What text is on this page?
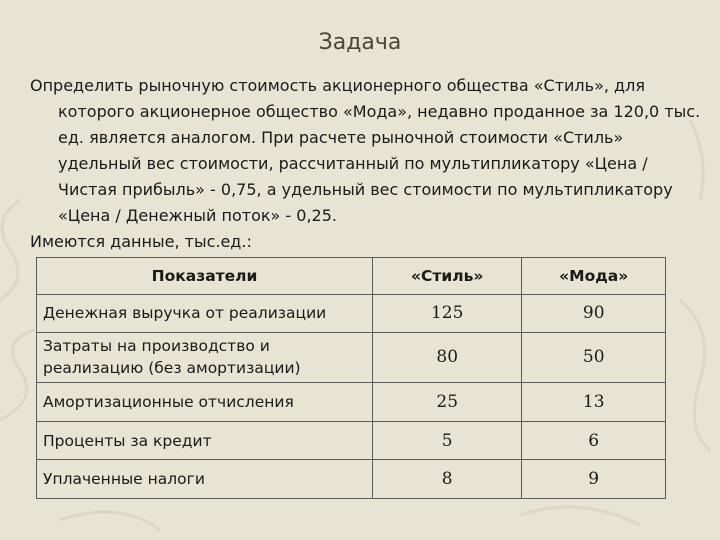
Задача

Определить рыночную стоимость акционерного общества «Стиль», для которого акционерное общество «Мода», недавно проданное за 120,0 тыс. ед. является аналогом. При расчете рыночной стоимости «Стиль» удельный вес стоимости, рассчитанный по мультипликатору «Цена / Чистая прибыль» - 0,75, а удельный вес стоимости по мультипликатору «Цена / Денежный поток» - 0,25.

Имеются данные, тыс.ед.:

Показатели	«Стиль»	«Мода»
Денежная выручка от реализации	125	90
Затраты на производство и реализацию (без амортизации)	80	50
Амортизационные отчисления	25	13
Проценты за кредит	5	6
Уплаченные налоги	8	9
